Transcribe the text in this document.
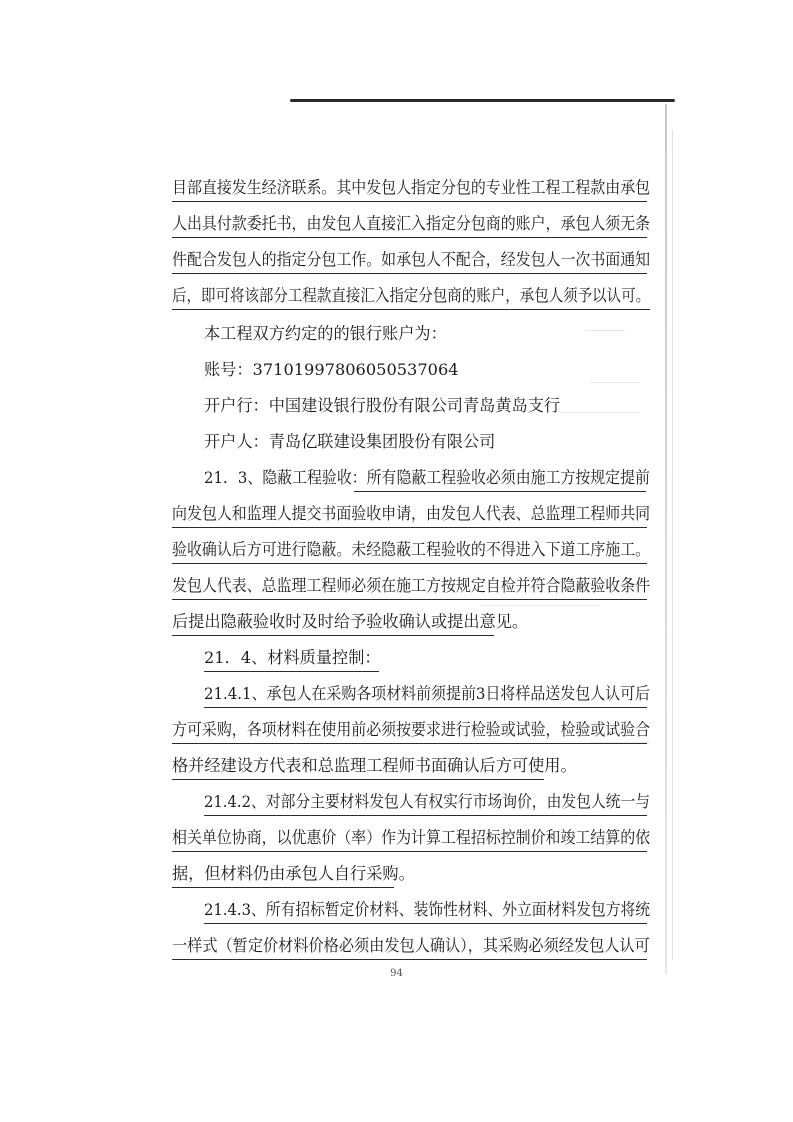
目部直接发生经济联系。其中发包人指定分包的专业性工程工程款由承包
人出具付款委托书，由发包人直接汇入指定分包商的账户，承包人须无条
件配合发包人的指定分包工作。如承包人不配合，经发包人一次书面通知
后，即可将该部分工程款直接汇入指定分包商的账户，承包人须予以认可。
本工程双方约定的的银行账户为：
账号：37101997806050537064
开户行：中国建设银行股份有限公司青岛黄岛支行
开户人：青岛亿联建设集团股份有限公司
21．3、隐蔽工程验收：所有隐蔽工程验收必须由施工方按规定提前
向发包人和监理人提交书面验收申请，由发包人代表、总监理工程师共同
验收确认后方可进行隐蔽。未经隐蔽工程验收的不得进入下道工序施工。
发包人代表、总监理工程师必须在施工方按规定自检并符合隐蔽验收条件
后提出隐蔽验收时及时给予验收确认或提出意见。
21．4、材料质量控制：
21.4.1、承包人在采购各项材料前须提前3日将样品送发包人认可后
方可采购，各项材料在使用前必须按要求进行检验或试验，检验或试验合
格并经建设方代表和总监理工程师书面确认后方可使用。
21.4.2、对部分主要材料发包人有权实行市场询价，由发包人统一与
相关单位协商，以优惠价（率）作为计算工程招标控制价和竣工结算的依
据，但材料仍由承包人自行采购。
21.4.3、所有招标暂定价材料、装饰性材料、外立面材料发包方将统
一样式（暂定价材料价格必须由发包人确认），其采购必须经发包人认可
94
